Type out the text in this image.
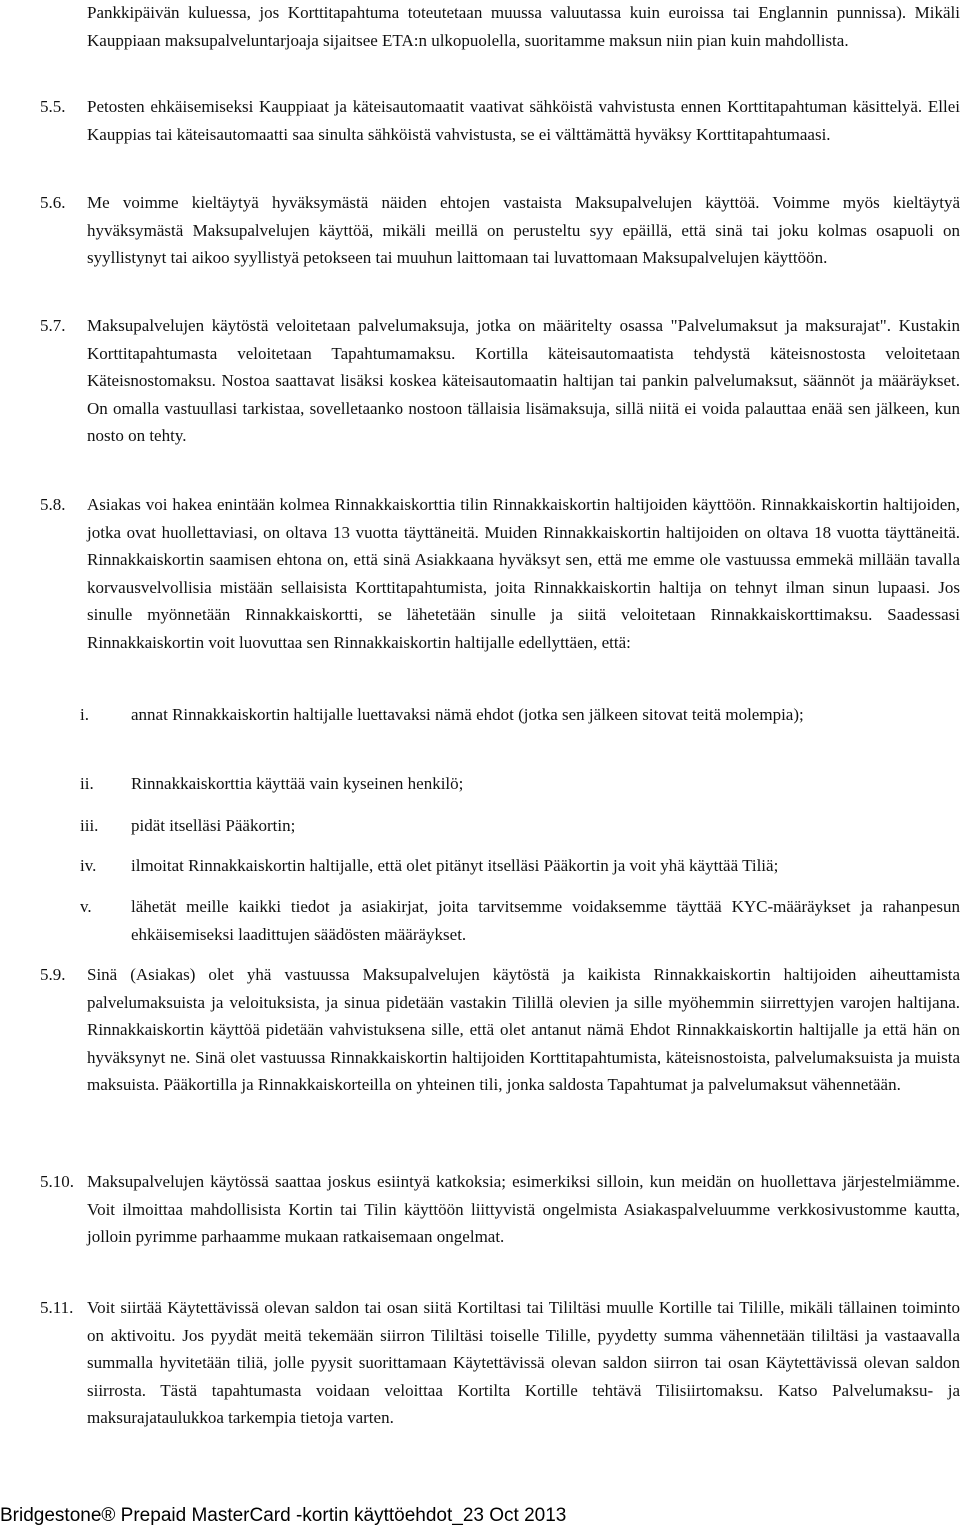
Pankkipäivän kuluessa, jos Korttitapahtuma toteutetaan muussa valuutassa kuin euroissa tai Englannin punnissa). Mikäli Kauppiaan maksupalveluntarjoaja sijaitsee ETA:n ulkopuolella, suoritamme maksun niin pian kuin mahdollista.
5.5.	Petosten ehkäisemiseksi Kauppiaat ja käteisautomaatit vaativat sähköistä vahvistusta ennen Korttitapahtuman käsittelyä. Ellei Kauppias tai käteisautomaatti saa sinulta sähköistä vahvistusta, se ei välttämättä hyväksy Korttitapahtumaasi.
5.6.	Me voimme kieltäytyä hyväksymästä näiden ehtojen vastaista Maksupalvelujen käyttöä. Voimme myös kieltäytyä hyväksymästä Maksupalvelujen käyttöä, mikäli meillä on perusteltu syy epäillä, että sinä tai joku kolmas osapuoli on syyllistynyt tai aikoo syyllistyä petokseen tai muuhun laittomaan tai luvattomaan Maksupalvelujen käyttöön.
5.7.	Maksupalvelujen käytöstä veloitetaan palvelumaksuja, jotka on määritelty osassa "Palvelumaksut ja maksurajat". Kustakin Korttitapahtumasta veloitetaan Tapahtumamaksu. Kortilla käteisautomaatista tehdystä käteisnostosta veloitetaan Käteisnostomaksu. Nostoa saattavat lisäksi koskea käteisautomaatin haltijan tai pankin palvelumaksut, säännöt ja määräykset. On omalla vastuullasi tarkistaa, sovelletaanko nostoon tällaisia lisämaksuja, sillä niitä ei voida palauttaa enää sen jälkeen, kun nosto on tehty.
5.8.	Asiakas voi hakea enintään kolmea Rinnakkaiskorttia tilin Rinnakkaiskortin haltijoiden käyttöön. Rinnakkaiskortin haltijoiden, jotka ovat huollettaviasi, on oltava 13 vuotta täyttäneitä. Muiden Rinnakkaiskortin haltijoiden on oltava 18 vuotta täyttäneitä. Rinnakkaiskortin saamisen ehtona on, että sinä Asiakkaana hyväksyt sen, että me emme ole vastuussa emmekä millään tavalla korvausvelvollisia mistään sellaisista Korttitapahtumista, joita Rinnakkaiskortin haltija on tehnyt ilman sinun lupaasi. Jos sinulle myönnetään Rinnakkaiskortti, se lähetetään sinulle ja siitä veloitetaan Rinnakkaiskorttimaksu. Saadessasi Rinnakkaiskortin voit luovuttaa sen Rinnakkaiskortin haltijalle edellyttäen, että:
i.	annat Rinnakkaiskortin haltijalle luettavaksi nämä ehdot (jotka sen jälkeen sitovat teitä molempia);
ii.	Rinnakkaiskorttia käyttää vain kyseinen henkilö;
iii.	pidät itselläsi Pääkortin;
iv.	ilmoitat Rinnakkaiskortin haltijalle, että olet pitänyt itselläsi Pääkortin ja voit yhä käyttää Tiliä;
v.	lähetät meille kaikki tiedot ja asiakirjat, joita tarvitsemme voidaksemme täyttää KYC-määräykset ja rahanpesun ehkäisemiseksi laadittujen säädösten määräykset.
5.9.	Sinä (Asiakas) olet yhä vastuussa Maksupalvelujen käytöstä ja kaikista Rinnakkaiskortin haltijoiden aiheuttamista palvelumaksuista ja veloituksista, ja sinua pidetään vastakin Tilillä olevien ja sille myöhemmin siirrettyjen varojen haltijana. Rinnakkaiskortin käyttöä pidetään vahvistuksena sille, että olet antanut nämä Ehdot Rinnakkaiskortin haltijalle ja että hän on hyväksynyt ne. Sinä olet vastuussa Rinnakkaiskortin haltijoiden Korttitapahtumista, käteisnostoista, palvelumaksuista ja muista maksuista. Pääkortilla ja Rinnakkaiskorteilla on yhteinen tili, jonka saldosta Tapahtumat ja palvelumaksut vähennetään.
5.10. Maksupalvelujen käytössä saattaa joskus esiintyä katkoksia; esimerkiksi silloin, kun meidän on huollettava järjestelmiämme. Voit ilmoittaa mahdollisista Kortin tai Tilin käyttöön liittyvistä ongelmista Asiakaspalveluumme verkkosivustomme kautta, jolloin pyrimme parhaamme mukaan ratkaisemaan ongelmat.
5.11. Voit siirtää Käytettävissä olevan saldon tai osan siitä Kortiltasi tai Tililtäsi muulle Kortille tai Tilille, mikäli tällainen toiminto on aktivoitu. Jos pyydät meitä tekemään siirron Tililtäsi toiselle Tilille, pyydetty summa vähennetään tililtäsi ja vastaavalla summalla hyvitetään tiliä, jolle pyysit suorittamaan Käytettävissä olevan saldon siirron tai osan Käytettävissä olevan saldon siirrosta. Tästä tapahtumasta voidaan veloittaa Kortilta Kortille tehtävä Tilisiirtomaksu. Katso Palvelumaksu- ja maksurajataulukkoa tarkempia tietoja varten.
Bridgestone® Prepaid MasterCard -kortin käyttöehdot_23 Oct 2013
